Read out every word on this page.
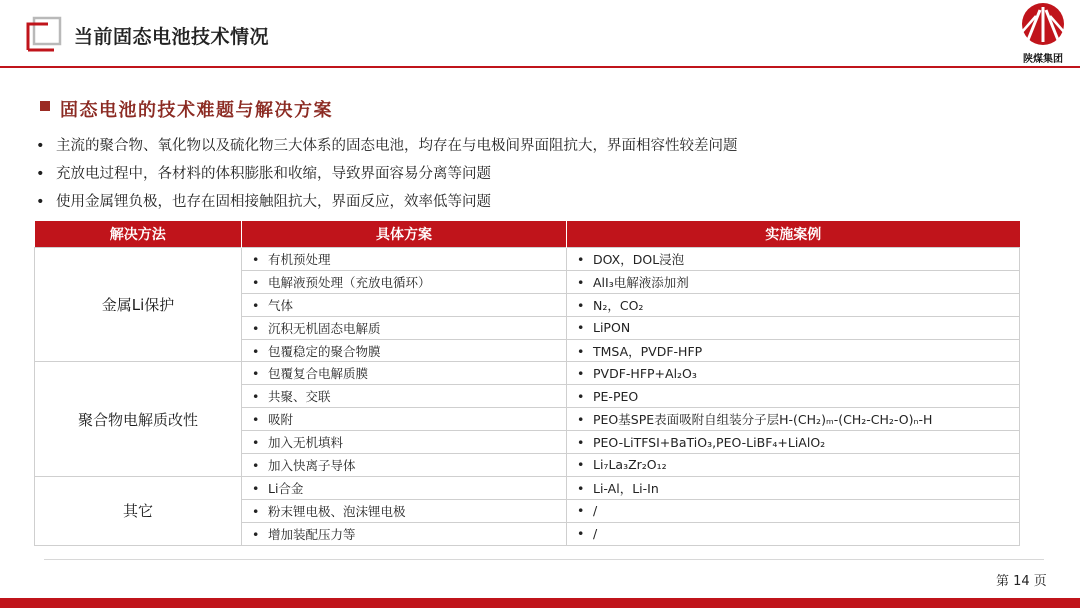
当前固态电池技术情况
陕煤集团
固态电池的技术难题与解决方案
• 主流的聚合物、氧化物以及硫化物三大体系的固态电池，均存在与电极间界面阻抗大，界面相容性较差问题
• 充放电过程中，各材料的体积膨胀和收缩，导致界面容易分离等问题
• 使用金属锂负极，也存在固相接触阻抗大，界面反应，效率低等问题
解决方法	具体方案	实施案例
金属Li保护	• 有机预处理	• DOX，DOL浸泡
	• 电解液预处理（充放电循环）	• AlI₃电解液添加剂
	• 气体	• N₂，CO₂
	• 沉积无机固态电解质	• LiPON
	• 包覆稳定的聚合物膜	• TMSA，PVDF-HFP
聚合物电解质改性	• 包覆复合电解质膜	• PVDF-HFP+Al₂O₃
	• 共聚、交联	• PE-PEO
	• 吸附	• PEO基SPE表面吸附自组装分子层H-(CH₂)ₘ-(CH₂-CH₂-O)ₙ-H
	• 加入无机填料	• PEO-LiTFSI+BaTiO₃,PEO-LiBF₄+LiAlO₂
	• 加入快离子导体	• Li₇La₃Zr₂O₁₂
其它	• Li合金	• Li-Al，Li-In
	• 粉末锂电极、泡沫锂电极	• /
	• 增加装配压力等	• /
第 14 页
